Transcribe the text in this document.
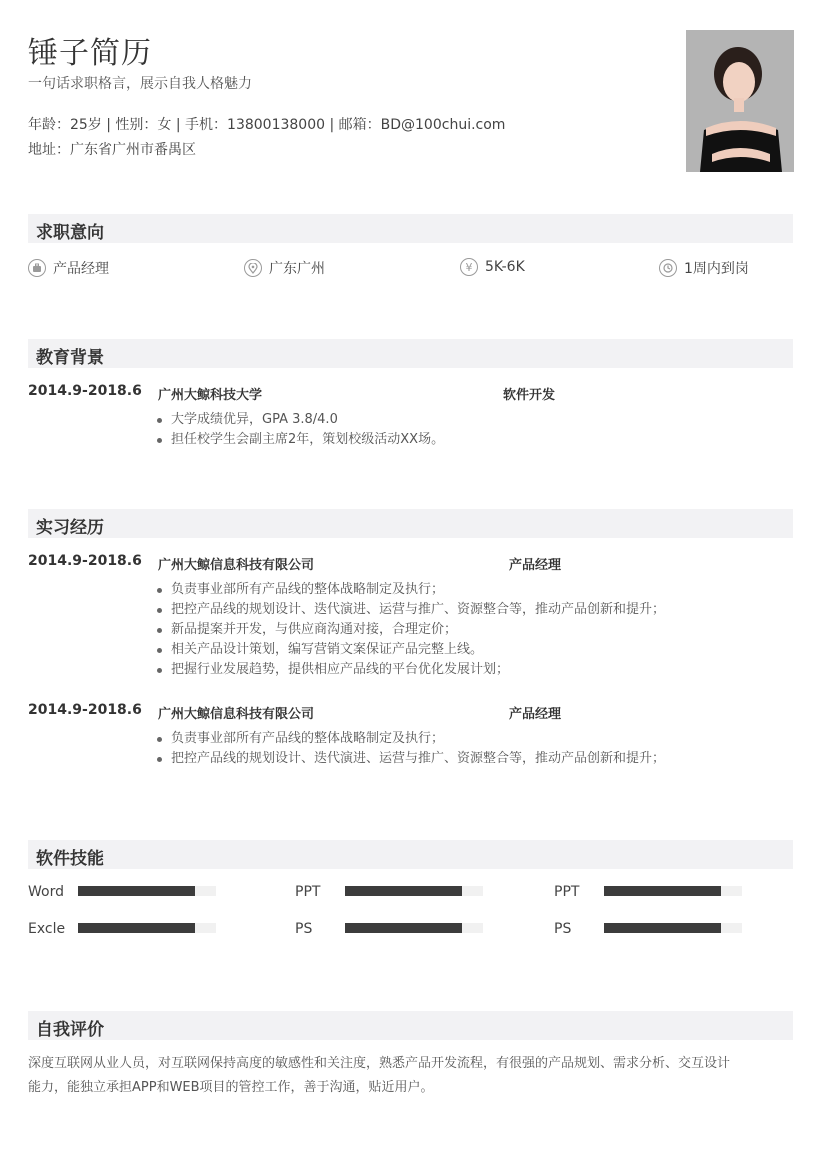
锤子简历
一句话求职格言，展示自我人格魅力
年龄：25岁 | 性别：女 | 手机：13800138000 | 邮箱：BD@100chui.com
地址：广东省广州市番禺区
求职意向
产品经理	广东广州	¥ 5K-6K	1周内到岗
教育背景
2014.9-2018.6 广州大鲸科技大学	软件开发
大学成绩优异，GPA 3.8/4.0
担任校学生会副主席2年，策划校级活动XX场。
实习经历
2014.9-2018.6 广州大鲸信息科技有限公司	产品经理
负责事业部所有产品线的整体战略制定及执行；
把控产品线的规划设计、迭代演进、运营与推广、资源整合等，推动产品创新和提升；
新品提案并开发，与供应商沟通对接，合理定价；
相关产品设计策划，编写营销文案保证产品完整上线。
把握行业发展趋势，提供相应产品线的平台优化发展计划；
2014.9-2018.6 广州大鲸信息科技有限公司	产品经理
负责事业部所有产品线的整体战略制定及执行；
把控产品线的规划设计、迭代演进、运营与推广、资源整合等，推动产品创新和提升；
软件技能
Word	PPT	PPT
Excle	PS	PS
自我评价
深度互联网从业人员，对互联网保持高度的敏感性和关注度，熟悉产品开发流程，有很强的产品规划、需求分析、交互设计
能力，能独立承担APP和WEB项目的管控工作，善于沟通，贴近用户。
